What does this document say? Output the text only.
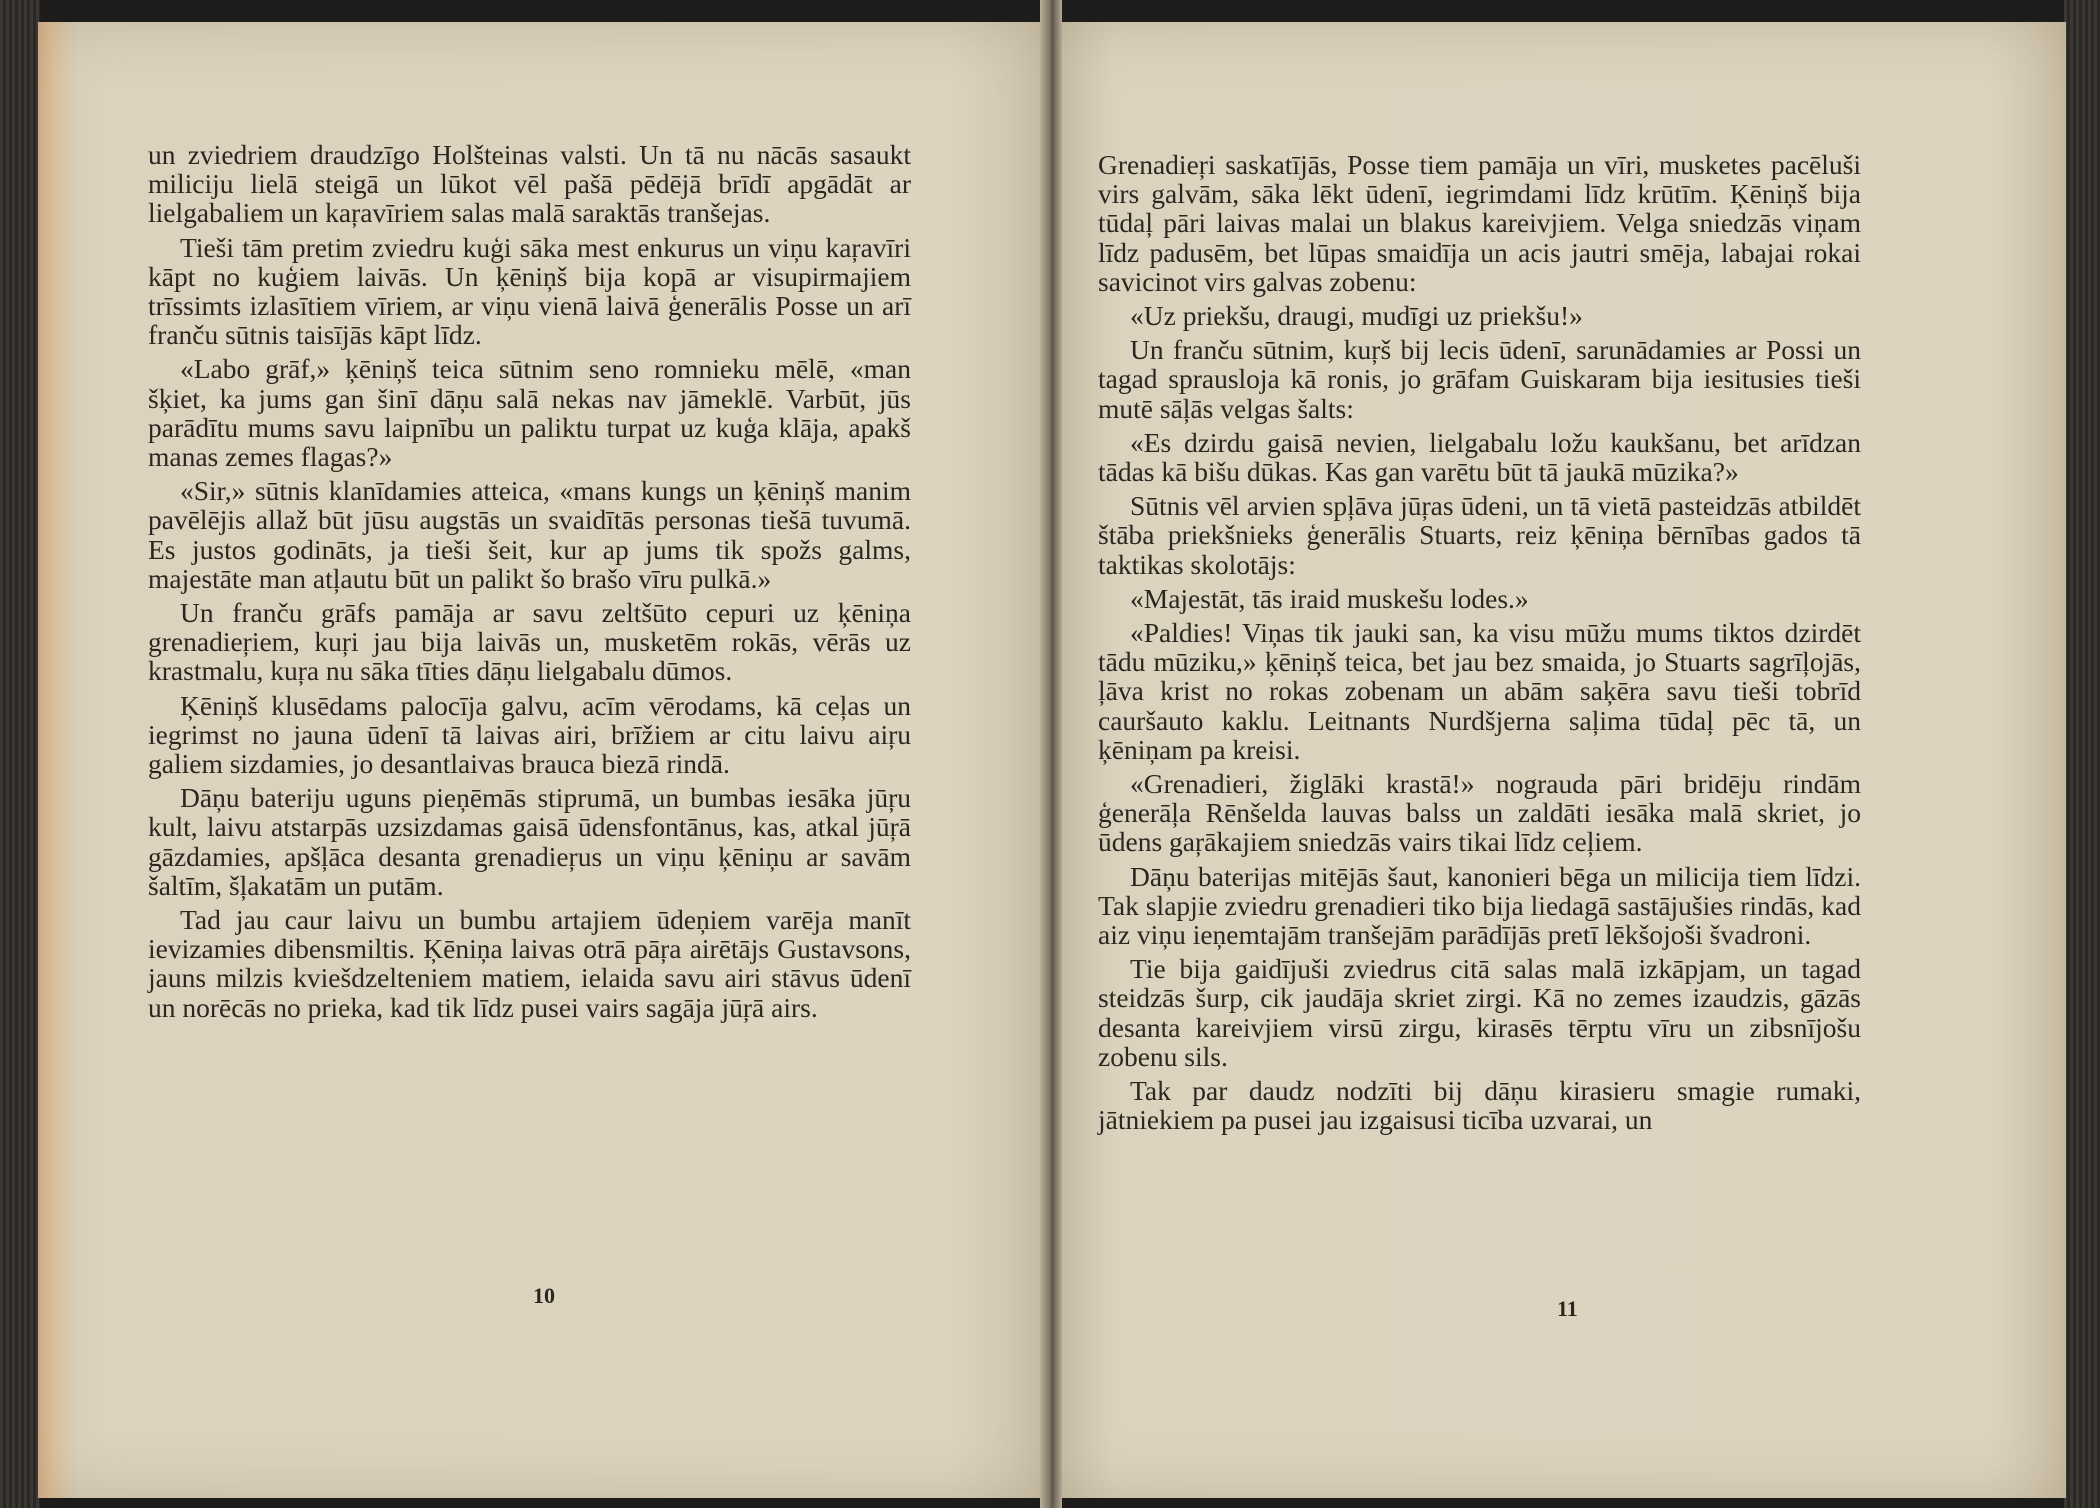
un zviedriem draudzīgo Holšteinas valsti. Un tā nu nācās sasaukt miliciju lielā steigā un lūkot vēl pašā pēdējā brīdī apgādāt ar lielgabaliem un kaŗavīriem salas malā saraktās tranšejas.

Tieši tām pretim zviedru kuģi sāka mest enkurus un viņu kaŗavīri kāpt no kuģiem laivās. Un ķēniņš bija kopā ar visupirmajiem trīssimts izlasītiem vīriem, ar viņu vienā laivā ģenerālis Posse un arī franču sūtnis taisījās kāpt līdz.

«Labo grāf,» ķēniņš teica sūtnim seno romnieku mēlē, «man šķiet, ka jums gan šinī dāņu salā nekas nav jāmeklē. Varbūt, jūs parādītu mums savu laipnību un paliktu turpat uz kuģa klāja, apakš manas zemes flagas?»

«Sir,» sūtnis klanīdamies atteica, «mans kungs un ķēniņš manim pavēlējis allaž būt jūsu augstās un svaidītās personas tiešā tuvumā. Es justos godināts, ja tieši šeit, kur ap jums tik spožs galms, majestāte man atļautu būt un palikt šo brašo vīru pulkā.»

Un franču grāfs pamāja ar savu zeltšūto cepuri uz ķēniņa grenadieŗiem, kuŗi jau bija laivās un, musketēm rokās, vērās uz krastmalu, kuŗa nu sāka tīties dāņu lielgabalu dūmos.

Ķēniņš klusēdams palocīja galvu, acīm vērodams, kā ceļas un iegrimst no jauna ūdenī tā laivas airi, brīžiem ar citu laivu aiŗu galiem sizdamies, jo desantlaivas brauca biezā rindā.

Dāņu bateriju uguns pieņēmās stiprumā, un bumbas iesāka jūŗu kult, laivu atstarpās uzsizdamas gaisā ūdensfontānus, kas, atkal jūŗā gāzdamies, apšļāca desanta grenadieŗus un viņu ķēniņu ar savām šaltīm, šļakatām un putām.

Tad jau caur laivu un bumbu artajiem ūdeņiem varēja manīt ievizamies dibensmiltis. Ķēniņa laivas otrā pāŗa airētājs Gustavsons, jauns milzis kviešdzelteniem matiem, ielaida savu airi stāvus ūdenī un norēcās no prieka, kad tik līdz pusei vairs sagāja jūŗā airs.

10

Grenadieŗi saskatījās, Posse tiem pamāja un vīri, musketes pacēluši virs galvām, sāka lēkt ūdenī, iegrimdami līdz krūtīm. Ķēniņš bija tūdaļ pāri laivas malai un blakus kareivjiem. Velga sniedzās viņam līdz padusēm, bet lūpas smaidīja un acis jautri smēja, labajai rokai savicinot virs galvas zobenu:

«Uz priekšu, draugi, mudīgi uz priekšu!»

Un franču sūtnim, kuŗš bij lecis ūdenī, sarunādamies ar Possi un tagad sprausloja kā ronis, jo grāfam Guiskaram bija iesitusies tieši mutē sāļās velgas šalts:

«Es dzirdu gaisā nevien, lielgabalu ložu kaukšanu, bet arīdzan tādas kā bišu dūkas. Kas gan varētu būt tā jaukā mūzika?»

Sūtnis vēl arvien spļāva jūŗas ūdeni, un tā vietā pasteidzās atbildēt štāba priekšnieks ģenerālis Stuarts, reiz ķēniņa bērnības gados tā taktikas skolotājs:

«Majestāt, tās iraid muskešu lodes.»

«Paldies! Viņas tik jauki san, ka visu mūžu mums tiktos dzirdēt tādu mūziku,» ķēniņš teica, bet jau bez smaida, jo Stuarts sagrīļojās, ļāva krist no rokas zobenam un abām saķēra savu tieši tobrīd cauršauto kaklu. Leitnants Nurdšjerna saļima tūdaļ pēc tā, un ķēniņam pa kreisi.

«Grenadieri, žiglāki krastā!» nograuda pāri bridēju rindām ģenerāļa Rēnšelda lauvas balss un zaldāti iesāka malā skriet, jo ūdens gaŗākajiem sniedzās vairs tikai līdz ceļiem.

Dāņu baterijas mitējās šaut, kanonieri bēga un milicija tiem līdzi. Tak slapjie zviedru grenadieri tiko bija liedagā sastājušies rindās, kad aiz viņu ieņemtajām tranšejām parādījās pretī lēkšojoši švadroni.

Tie bija gaidījuši zviedrus citā salas malā izkāpjam, un tagad steidzās šurp, cik jaudāja skriet zirgi. Kā no zemes izaudzis, gāzās desanta kareivjiem virsū zirgu, kirasēs tērptu vīru un zibsnījošu zobenu sils.

Tak par daudz nodzīti bij dāņu kirasieru smagie rumaki, jātniekiem pa pusei jau izgaisusi ticība uzvarai, un

11
